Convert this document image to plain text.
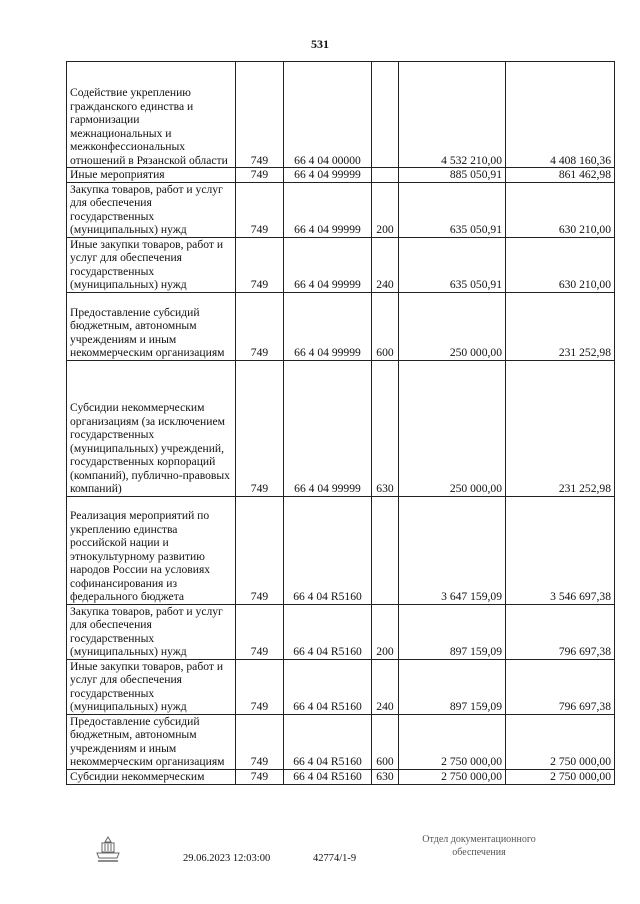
531
Содействие укреплению гражданского единства и гармонизации межнациональных и межконфессиональных отношений в Рязанской области	749	66 4 04 00000		4 532 210,00	4 408 160,36
Иные мероприятия	749	66 4 04 99999		885 050,91	861 462,98
Закупка товаров, работ и услуг для обеспечения государственных (муниципальных) нужд	749	66 4 04 99999	200	635 050,91	630 210,00
Иные закупки товаров, работ и услуг для обеспечения государственных (муниципальных) нужд	749	66 4 04 99999	240	635 050,91	630 210,00
Предоставление субсидий бюджетным, автономным учреждениям и иным некоммерческим организациям	749	66 4 04 99999	600	250 000,00	231 252,98
Субсидии некоммерческим организациям (за исключением государственных (муниципальных) учреждений, государственных корпораций (компаний), публично-правовых компаний)	749	66 4 04 99999	630	250 000,00	231 252,98
Реализация мероприятий по укреплению единства российской нации и этнокультурному развитию народов России на условиях софинансирования из федерального бюджета	749	66 4 04 R5160		3 647 159,09	3 546 697,38
Закупка товаров, работ и услуг для обеспечения государственных (муниципальных) нужд	749	66 4 04 R5160	200	897 159,09	796 697,38
Иные закупки товаров, работ и услуг для обеспечения государственных (муниципальных) нужд	749	66 4 04 R5160	240	897 159,09	796 697,38
Предоставление субсидий бюджетным, автономным учреждениям и иным некоммерческим организациям	749	66 4 04 R5160	600	2 750 000,00	2 750 000,00
Субсидии некоммерческим	749	66 4 04 R5160	630	2 750 000,00	2 750 000,00
29.06.2023 12:03:00	42774/1-9
Отдел документационного
обеспечения
